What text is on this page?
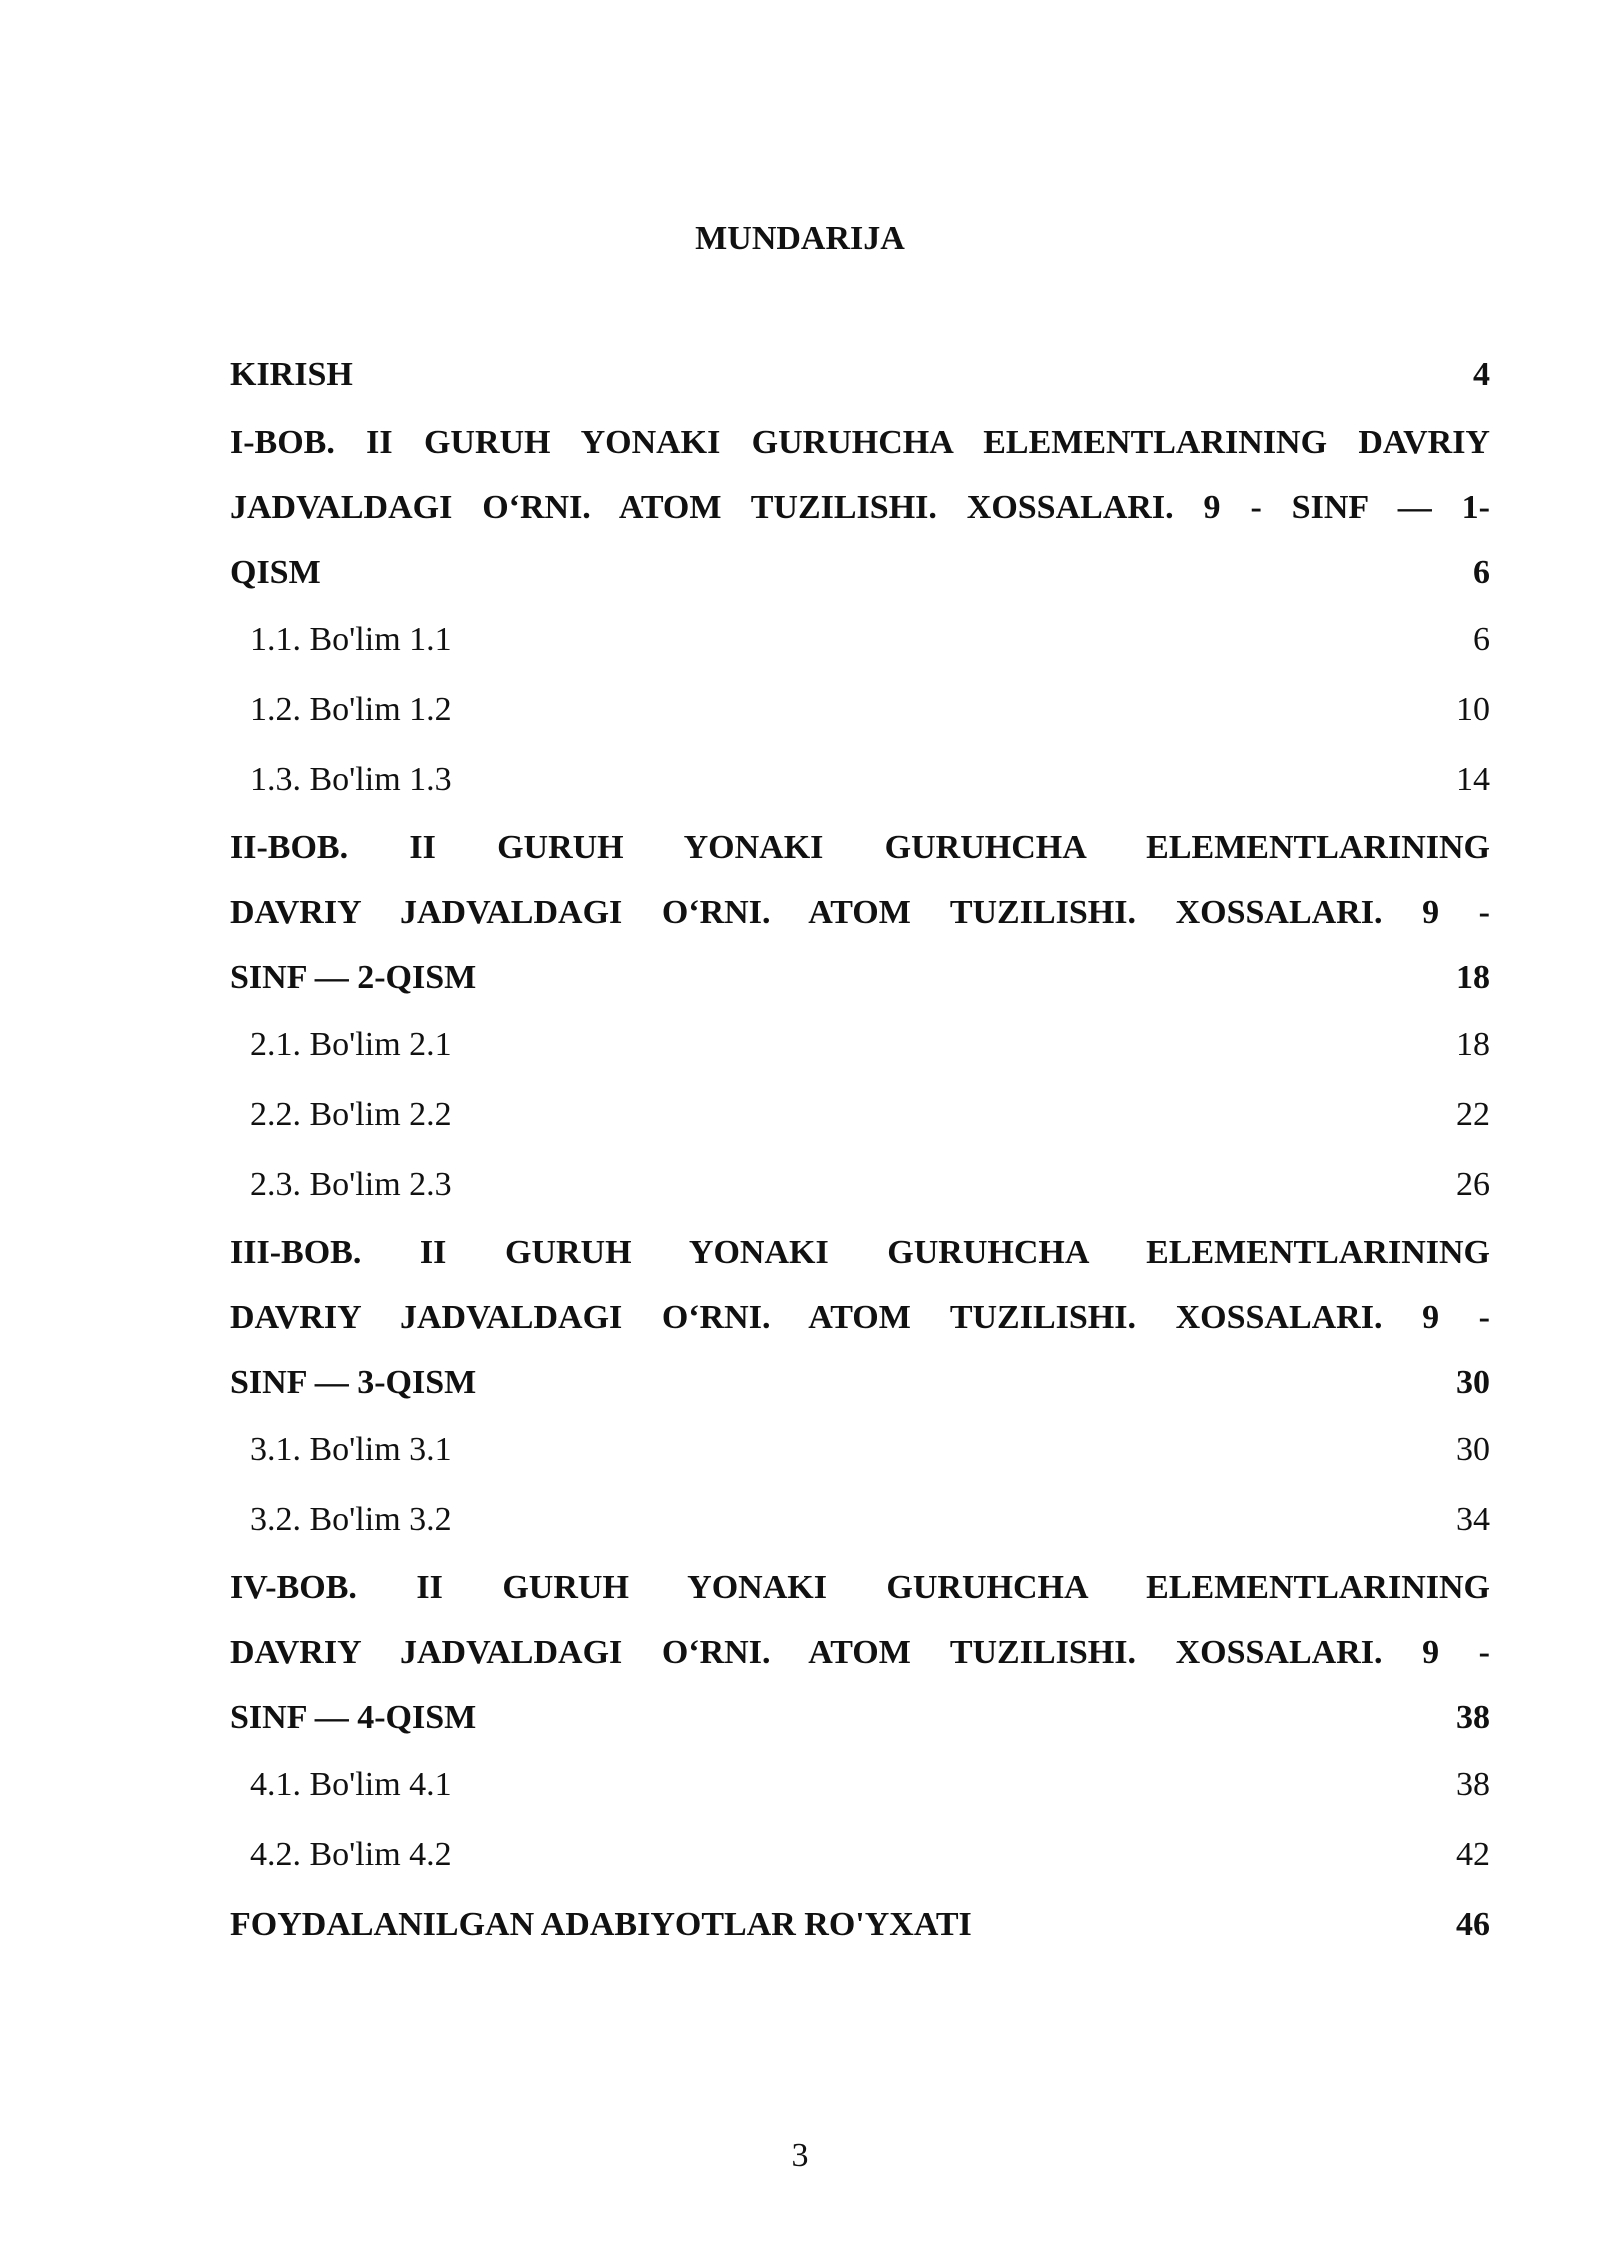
MUNDARIJA
KIRISH .....	4
I-BOB. II GURUH YONAKI GURUHCHA ELEMENTLARINING DAVRIY
JADVALDAGI O‘RNI. ATOM TUZILISHI. XOSSALARI. 9 - SINF — 1-
QISM .....	6
1.1. Bo'lim 1.1 .....	6
1.2. Bo'lim 1.2 .....	10
1.3. Bo'lim 1.3 .....	14
II-BOB. II GURUH YONAKI GURUHCHA ELEMENTLARINING
DAVRIY JADVALDAGI O‘RNI. ATOM TUZILISHI. XOSSALARI. 9 -
SINF — 2-QISM .....	18
2.1. Bo'lim 2.1 .....	18
2.2. Bo'lim 2.2 .....	22
2.3. Bo'lim 2.3 .....	26
III-BOB. II GURUH YONAKI GURUHCHA ELEMENTLARINING
DAVRIY JADVALDAGI O‘RNI. ATOM TUZILISHI. XOSSALARI. 9 -
SINF — 3-QISM .....	30
3.1. Bo'lim 3.1 .....	30
3.2. Bo'lim 3.2 .....	34
IV-BOB. II GURUH YONAKI GURUHCHA ELEMENTLARINING
DAVRIY JADVALDAGI O‘RNI. ATOM TUZILISHI. XOSSALARI. 9 -
SINF — 4-QISM .....	38
4.1. Bo'lim 4.1 .....	38
4.2. Bo'lim 4.2 .....	42
FOYDALANILGAN ADABIYOTLAR RO'YXATI .....	46
3
